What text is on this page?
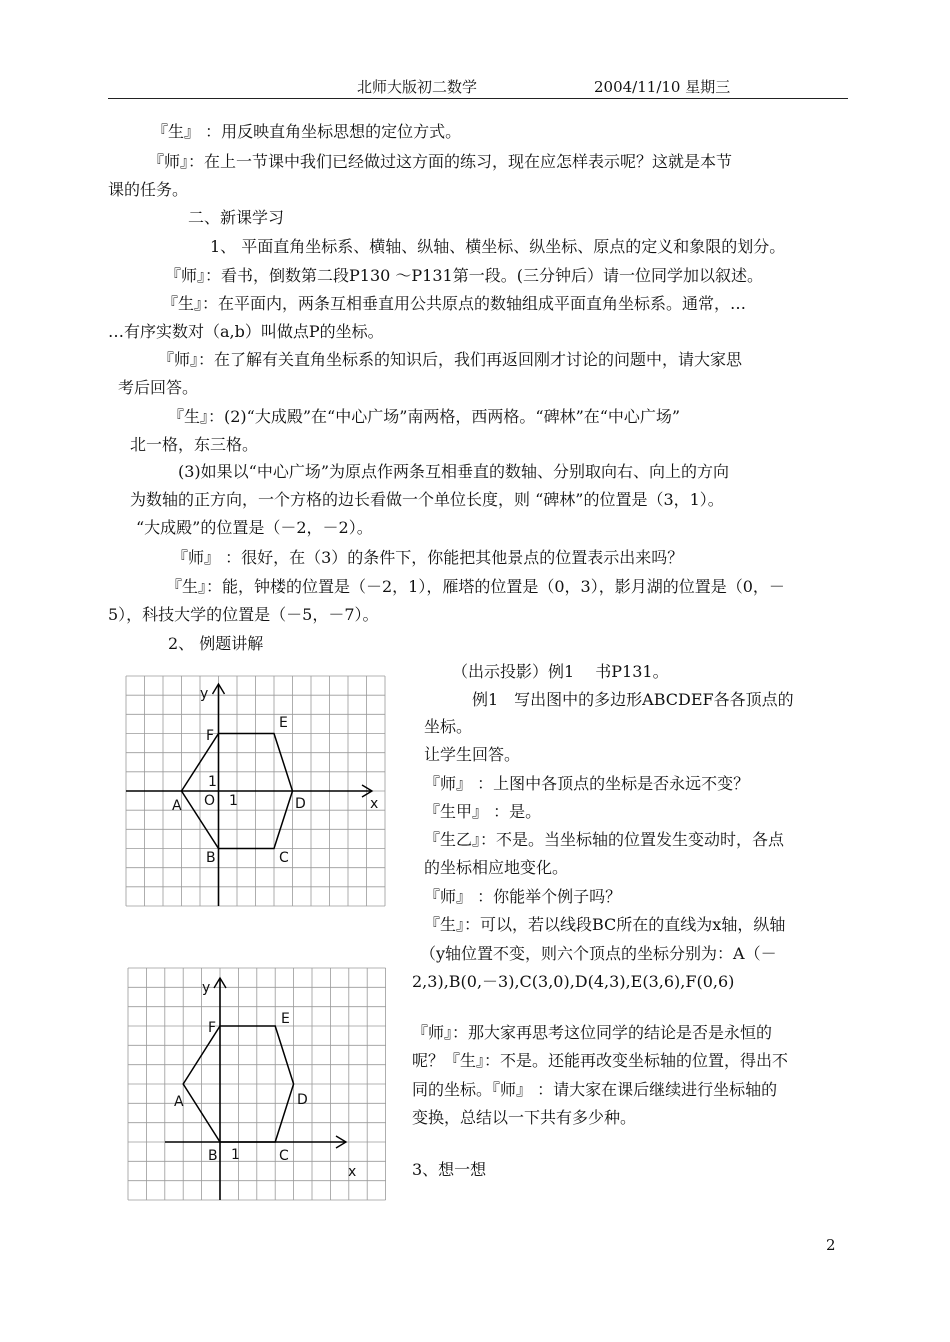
北师大版初二数学	2004/11/10 星期三
『生』 ：用反映直角坐标思想的定位方式。
『师』：在上一节课中我们已经做过这方面的练习，现在应怎样表示呢？这就是本节
课的任务。
二、新课学习
1、 平面直角坐标系、横轴、纵轴、横坐标、纵坐标、原点的定义和象限的划分。
『师』：看书，倒数第二段P130 ～P131第一段。(三分钟后）请一位同学加以叙述。
『生』：在平面内，两条互相垂直用公共原点的数轴组成平面直角坐标系。通常，…
…有序实数对（a,b）叫做点P的坐标。
『师』：在了解有关直角坐标系的知识后，我们再返回刚才讨论的问题中，请大家思
考后回答。
『生』：(2)“大成殿”在“中心广场”南两格，西两格。“碑林”在“中心广场”
北一格，东三格。
(3)如果以“中心广场”为原点作两条互相垂直的数轴、分别取向右、向上的方向
为数轴的正方向，一个方格的边长看做一个单位长度，则 “碑林”的位置是（3，1）。
“大成殿”的位置是（－2，－2）。
『师』 ：很好，在（3）的条件下，你能把其他景点的位置表示出来吗？
『生』：能，钟楼的位置是（－2，1），雁塔的位置是（0，3），影月湖的位置是（0，－
5），科技大学的位置是（－5，－7）。
2、 例题讲解
（出示投影）例1　 书P131。
例1　写出图中的多边形ABCDEF各各顶点的
坐标。
让学生回答。
『师』 ：上图中各顶点的坐标是否永远不变？
『生甲』 ：是。
『生乙』：不是。当坐标轴的位置发生变动时，各点
的坐标相应地变化。
『师』 ：你能举个例子吗？
『生』：可以，若以线段BC所在的直线为x轴，纵轴
（y轴位置不变，则六个顶点的坐标分别为：A（－
2,3),B(0,－3),C(3,0),D(4,3),E(3,6),F(0,6)
『师』：那大家再思考这位同学的结论是否是永恒的
呢？『生』：不是。还能再改变坐标轴的位置，得出不
同的坐标。『师』 ：请大家在课后继续进行坐标轴的
变换，总结以一下共有多少种。
3、想一想
y
F
E
1
O 1
A	D	x
B	C
y
F
E
A	D
B 1	C
x
2
